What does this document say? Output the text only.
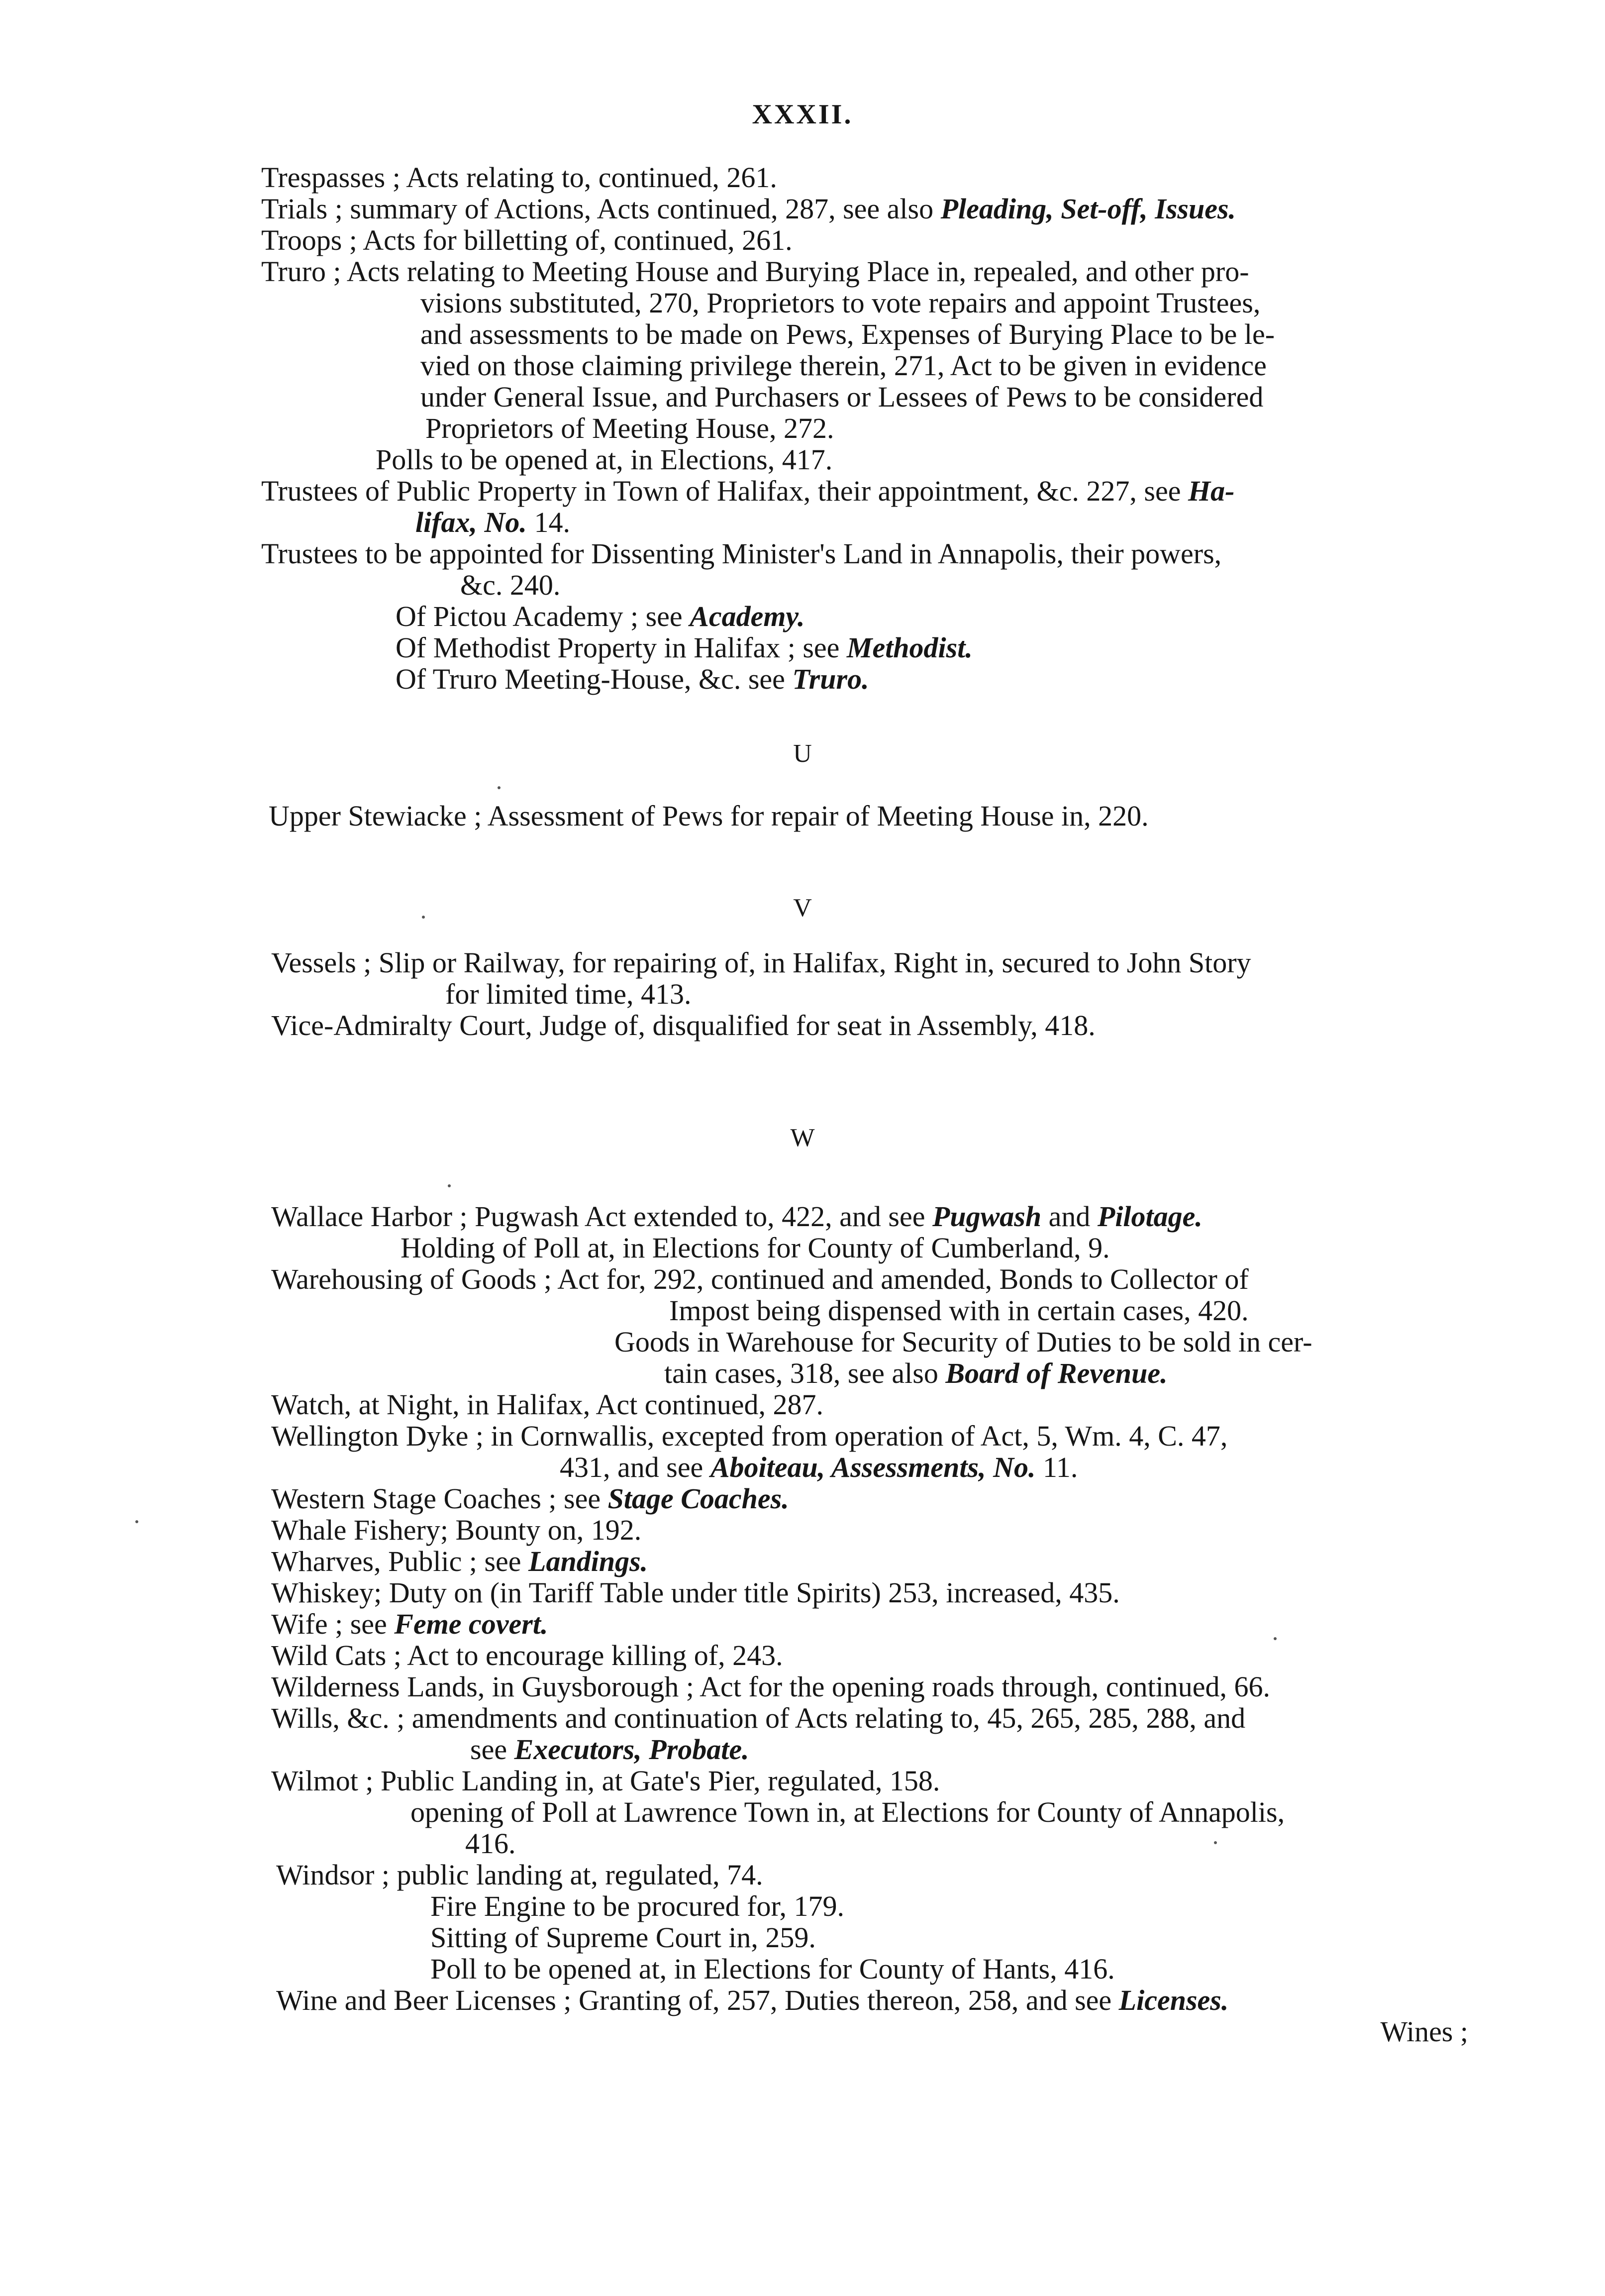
XXXII.
Trespasses ; Acts relating to, continued, 261.
Trials ; summary of Actions, Acts continued, 287, see also Pleading, Set-off, Issues.
Troops ; Acts for billetting of, continued, 261.
Truro ; Acts relating to Meeting House and Burying Place in, repealed, and other pro-
visions substituted, 270, Proprietors to vote repairs and appoint Trustees,
and assessments to be made on Pews, Expenses of Burying Place to be le-
vied on those claiming privilege therein, 271, Act to be given in evidence
under General Issue, and Purchasers or Lessees of Pews to be considered
Proprietors of Meeting House, 272.
Polls to be opened at, in Elections, 417.
Trustees of Public Property in Town of Halifax, their appointment, &c. 227, see Ha-
lifax, No. 14.
Trustees to be appointed for Dissenting Minister's Land in Annapolis, their powers,
&c. 240.
Of Pictou Academy ; see Academy.
Of Methodist Property in Halifax ; see Methodist.
Of Truro Meeting-House, &c. see Truro.
U
Upper Stewiacke ; Assessment of Pews for repair of Meeting House in, 220.
V
Vessels ; Slip or Railway, for repairing of, in Halifax, Right in, secured to John Story
for limited time, 413.
Vice-Admiralty Court, Judge of, disqualified for seat in Assembly, 418.
W
Wallace Harbor ; Pugwash Act extended to, 422, and see Pugwash and Pilotage.
Holding of Poll at, in Elections for County of Cumberland, 9.
Warehousing of Goods ; Act for, 292, continued and amended, Bonds to Collector of
Impost being dispensed with in certain cases, 420.
Goods in Warehouse for Security of Duties to be sold in cer-
tain cases, 318, see also Board of Revenue.
Watch, at Night, in Halifax, Act continued, 287.
Wellington Dyke ; in Cornwallis, excepted from operation of Act, 5, Wm. 4, C. 47,
431, and see Aboiteau, Assessments, No. 11.
Western Stage Coaches ; see Stage Coaches.
Whale Fishery; Bounty on, 192.
Wharves, Public ; see Landings.
Whiskey; Duty on (in Tariff Table under title Spirits) 253, increased, 435.
Wife ; see Feme covert.
Wild Cats ; Act to encourage killing of, 243.
Wilderness Lands, in Guysborough ; Act for the opening roads through, continued, 66.
Wills, &c. ; amendments and continuation of Acts relating to, 45, 265, 285, 288, and
see Executors, Probate.
Wilmot ; Public Landing in, at Gate's Pier, regulated, 158.
opening of Poll at Lawrence Town in, at Elections for County of Annapolis,
416.
Windsor ; public landing at, regulated, 74.
Fire Engine to be procured for, 179.
Sitting of Supreme Court in, 259.
Poll to be opened at, in Elections for County of Hants, 416.
Wine and Beer Licenses ; Granting of, 257, Duties thereon, 258, and see Licenses.
Wines ;
